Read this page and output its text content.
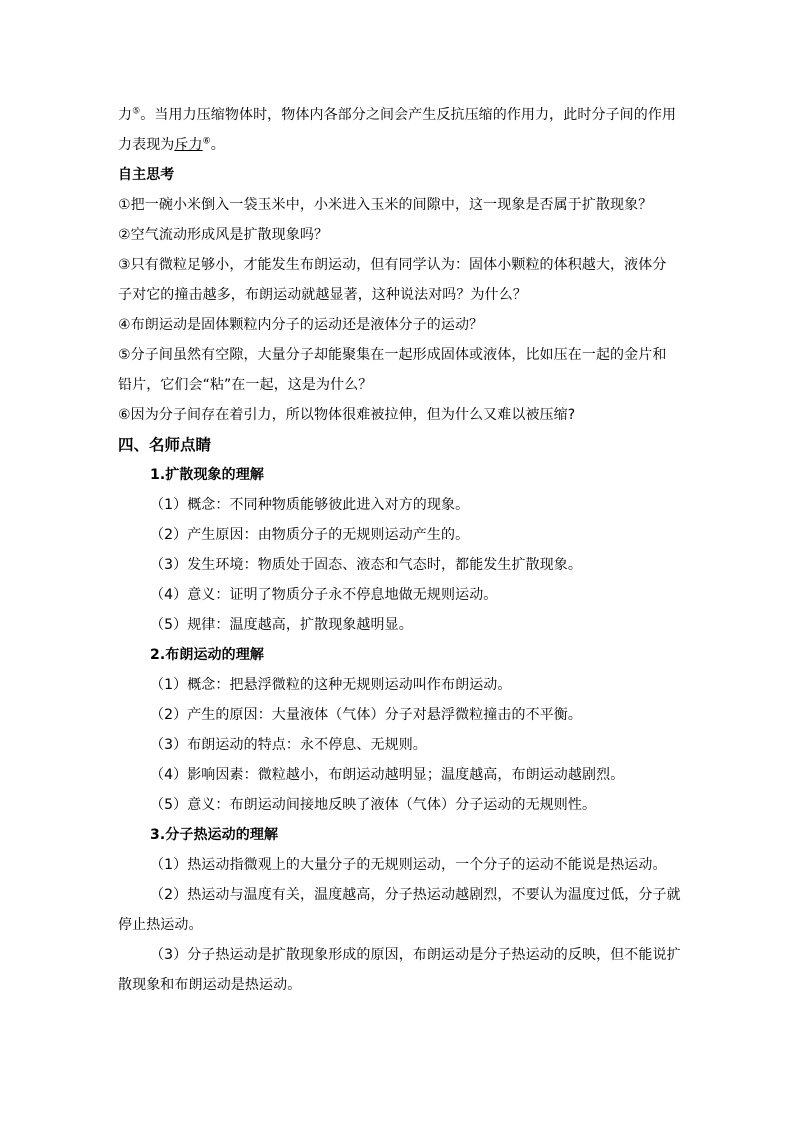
力⑤。当用力压缩物体时，物体内各部分之间会产生反抗压缩的作用力，此时分子间的作用
力表现为斥力⑥。
自主思考
①把一碗小米倒入一袋玉米中，小米进入玉米的间隙中，这一现象是否属于扩散现象？
②空气流动形成风是扩散现象吗？
③只有微粒足够小，才能发生布朗运动，但有同学认为：固体小颗粒的体积越大，液体分
子对它的撞击越多，布朗运动就越显著，这种说法对吗？为什么？
④布朗运动是固体颗粒内分子的运动还是液体分子的运动？
⑤分子间虽然有空隙，大量分子却能聚集在一起形成固体或液体，比如压在一起的金片和
铅片，它们会“粘”在一起，这是为什么？
⑥因为分子间存在着引力，所以物体很难被拉伸，但为什么又难以被压缩?
四、名师点睛
1.扩散现象的理解
（1）概念：不同种物质能够彼此进入对方的现象。
（2）产生原因：由物质分子的无规则运动产生的。
（3）发生环境：物质处于固态、液态和气态时，都能发生扩散现象。
（4）意义：证明了物质分子永不停息地做无规则运动。
（5）规律：温度越高，扩散现象越明显。
2.布朗运动的理解
（1）概念：把悬浮微粒的这种无规则运动叫作布朗运动。
（2）产生的原因：大量液体（气体）分子对悬浮微粒撞击的不平衡。
（3）布朗运动的特点：永不停息、无规则。
（4）影响因素：微粒越小，布朗运动越明显；温度越高，布朗运动越剧烈。
（5）意义：布朗运动间接地反映了液体（气体）分子运动的无规则性。
3.分子热运动的理解
（1）热运动指微观上的大量分子的无规则运动，一个分子的运动不能说是热运动。
（2）热运动与温度有关，温度越高，分子热运动越剧烈，不要认为温度过低，分子就
停止热运动。
（3）分子热运动是扩散现象形成的原因，布朗运动是分子热运动的反映，但不能说扩
散现象和布朗运动是热运动。
